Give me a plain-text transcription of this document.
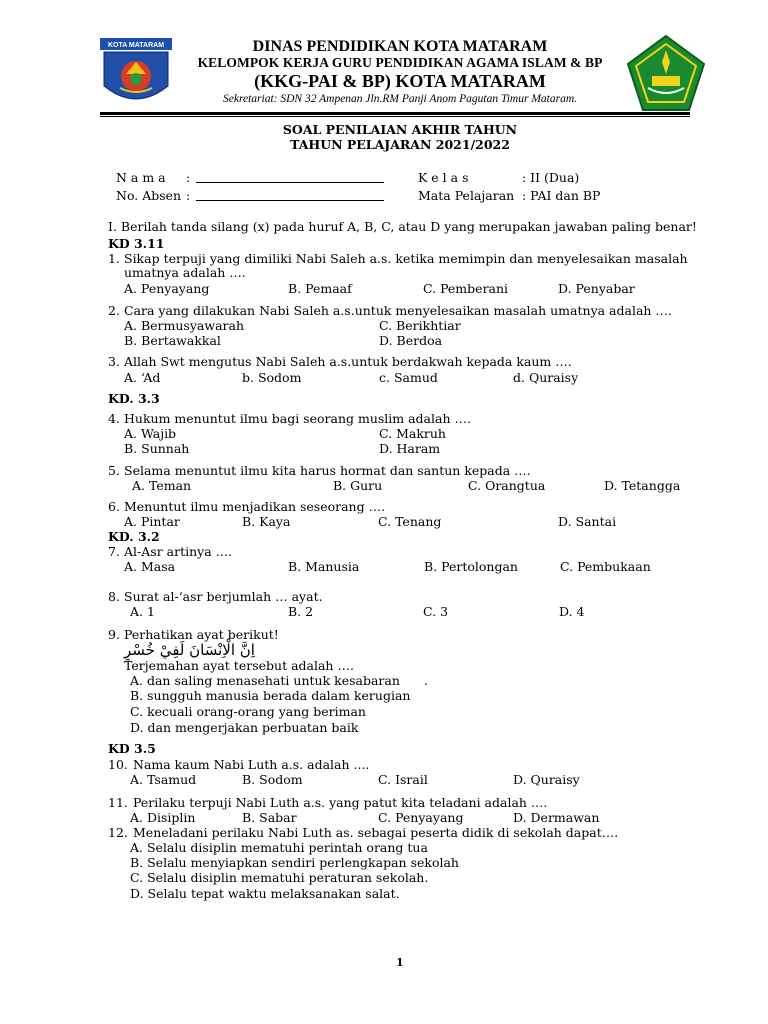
KOTA MATARAM	DINAS PENDIDIKAN KOTA MATARAM
KELOMPOK KERJA GURU PENDIDIKAN AGAMA ISLAM & BP
(KKG-PAI & BP) KOTA MATARAM
Sekretariat: SDN 32 Ampenan Jln.RM Panji Anom Pagutan Timur Mataram.
SOAL PENILAIAN AKHIR TAHUN
TAHUN PELAJARAN 2021/2022
N a m a :
No. Absen :
K e l a s	: II (Dua)
Mata Pelajaran : PAI dan BP
I. Berilah tanda silang (x) pada huruf A, B, C, atau D yang merupakan jawaban paling benar!
KD 3.11
1. Sikap terpuji yang dimiliki Nabi Saleh a.s. ketika memimpin dan menyelesaikan masalah
umatnya adalah ….
A. Penyayang	B. Pemaaf	C. Pemberani	D. Penyabar
2. Cara yang dilakukan Nabi Saleh a.s.untuk menyelesaikan masalah umatnya adalah ….
A. Bermusyawarah	C. Berikhtiar
B. Bertawakkal	D. Berdoa
3. Allah Swt mengutus Nabi Saleh a.s.untuk berdakwah kepada kaum ….
A. ‘Ad	b. Sodom	c. Samud	d. Quraisy
KD. 3.3
4. Hukum menuntut ilmu bagi seorang muslim adalah ….
A. Wajib	C. Makruh
B. Sunnah	D. Haram
5. Selama menuntut ilmu kita harus hormat dan santun kepada ….
A. Teman	B. Guru	C. Orangtua	D. Tetangga
6. Menuntut ilmu menjadikan seseorang ….
A. Pintar	B. Kaya	C. Tenang	D. Santai
KD. 3.2
7. Al-Asr artinya ….
A. Masa	B. Manusia	B. Pertolongan	C. Pembukaan
8. Surat al-‘asr berjumlah … ayat.
A. 1	B. 2	C. 3	D. 4
9. Perhatikan ayat berikut!
اِنَّ الْاِنْسَانَ لَفِيْ خُسْرٍ
Terjemahan ayat tersebut adalah ….
A. dan saling menasehati untuk kesabaran .
B. sungguh manusia berada dalam kerugian
C. kecuali orang-orang yang beriman
D. dan mengerjakan perbuatan baik
KD 3.5
10. Nama kaum Nabi Luth a.s. adalah ....
A. Tsamud	B. Sodom	C. Israil	D. Quraisy
11. Perilaku terpuji Nabi Luth a.s. yang patut kita teladani adalah ….
A. Disiplin	B. Sabar	C. Penyayang	D. Dermawan
12. Meneladani perilaku Nabi Luth as. sebagai peserta didik di sekolah dapat….
A. Selalu disiplin mematuhi perintah orang tua
B. Selalu menyiapkan sendiri perlengkapan sekolah
C. Selalu disiplin mematuhi peraturan sekolah.
D. Selalu tepat waktu melaksanakan salat.
1
